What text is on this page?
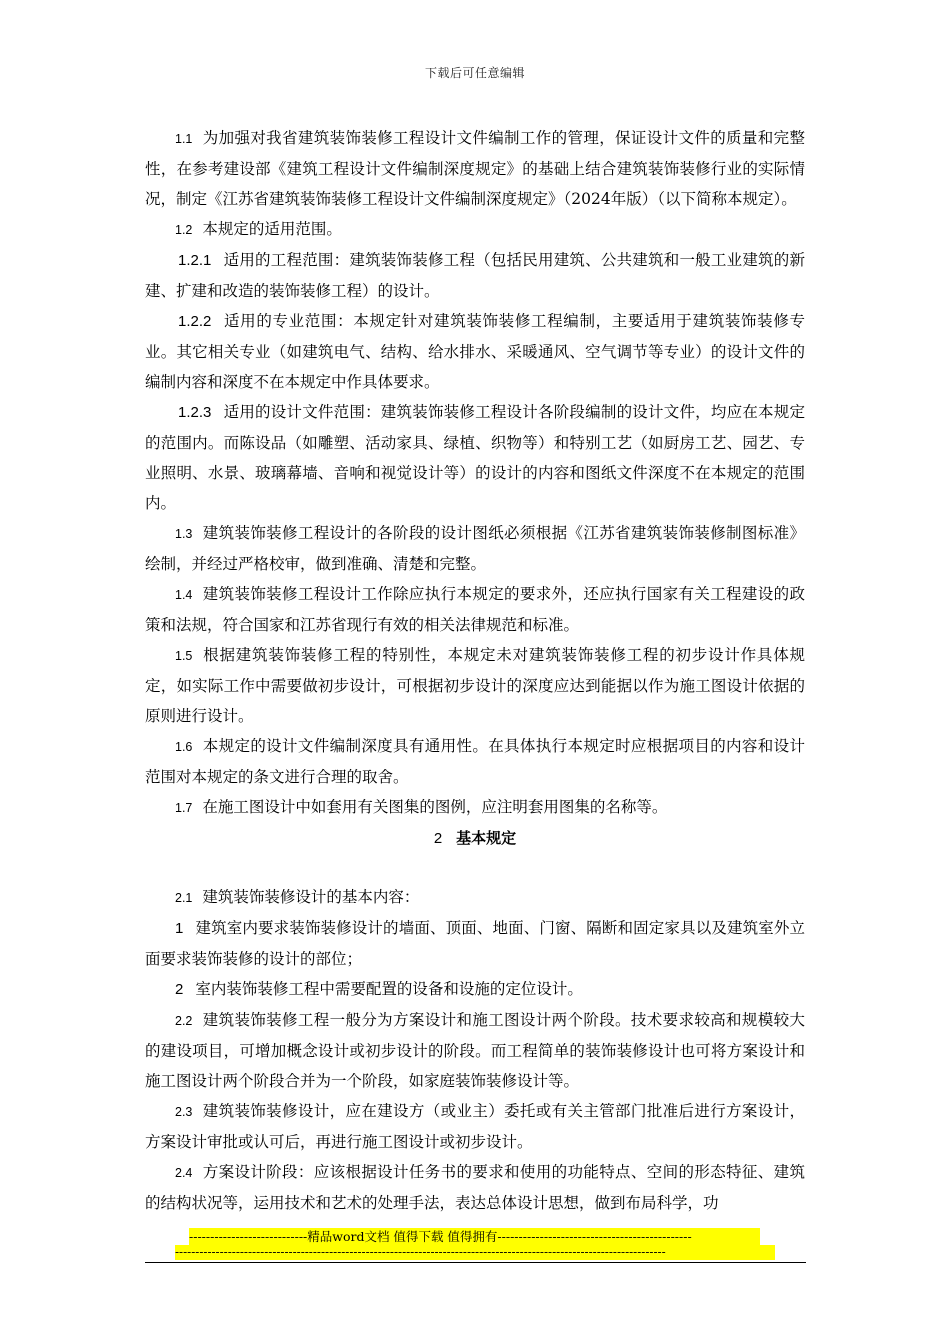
下载后可任意编辑

1.1 为加强对我省建筑装饰装修工程设计文件编制工作的管理，保证设计文件的质量和完整性，在参考建设部《建筑工程设计文件编制深度规定》的基础上结合建筑装饰装修行业的实际情况，制定《江苏省建筑装饰装修工程设计文件编制深度规定》（2024年版）（以下简称本规定）。

1.2 本规定的适用范围。

1.2.1 适用的工程范围：建筑装饰装修工程（包括民用建筑、公共建筑和一般工业建筑的新建、扩建和改造的装饰装修工程）的设计。

1.2.2 适用的专业范围：本规定针对建筑装饰装修工程编制，主要适用于建筑装饰装修专业。其它相关专业（如建筑电气、结构、给水排水、采暖通风、空气调节等专业）的设计文件的编制内容和深度不在本规定中作具体要求。

1.2.3 适用的设计文件范围：建筑装饰装修工程设计各阶段编制的设计文件，均应在本规定的范围内。而陈设品（如雕塑、活动家具、绿植、织物等）和特别工艺（如厨房工艺、园艺、专业照明、水景、玻璃幕墙、音响和视觉设计等）的设计的内容和图纸文件深度不在本规定的范围内。

1.3 建筑装饰装修工程设计的各阶段的设计图纸必须根据《江苏省建筑装饰装修制图标准》绘制，并经过严格校审，做到准确、清楚和完整。

1.4 建筑装饰装修工程设计工作除应执行本规定的要求外，还应执行国家有关工程建设的政策和法规，符合国家和江苏省现行有效的相关法律规范和标准。

1.5 根据建筑装饰装修工程的特别性，本规定未对建筑装饰装修工程的初步设计作具体规定，如实际工作中需要做初步设计，可根据初步设计的深度应达到能据以作为施工图设计依据的原则进行设计。

1.6 本规定的设计文件编制深度具有通用性。在具体执行本规定时应根据项目的内容和设计范围对本规定的条文进行合理的取舍。

1.7 在施工图设计中如套用有关图集的图例，应注明套用图集的名称等。

2 基本规定

2.1 建筑装饰装修设计的基本内容：

1 建筑室内要求装饰装修设计的墙面、顶面、地面、门窗、隔断和固定家具以及建筑室外立面要求装饰装修的设计的部位；

2 室内装饰装修工程中需要配置的设备和设施的定位设计。

2.2 建筑装饰装修工程一般分为方案设计和施工图设计两个阶段。技术要求较高和规模较大的建设项目，可增加概念设计或初步设计的阶段。而工程简单的装饰装修设计也可将方案设计和施工图设计两个阶段合并为一个阶段，如家庭装饰装修设计等。

2.3 建筑装饰装修设计，应在建设方（或业主）委托或有关主管部门批准后进行方案设计，方案设计审批或认可后，再进行施工图设计或初步设计。

2.4 方案设计阶段：应该根据设计任务书的要求和使用的功能特点、空间的形态特征、建筑的结构状况等，运用技术和艺术的处理手法，表达总体设计思想，做到布局科学，功

----------------------------精品word文档 值得下载 值得拥有----------------------------------------------
-------------------------------------------------------------------------------------------------------------------------
